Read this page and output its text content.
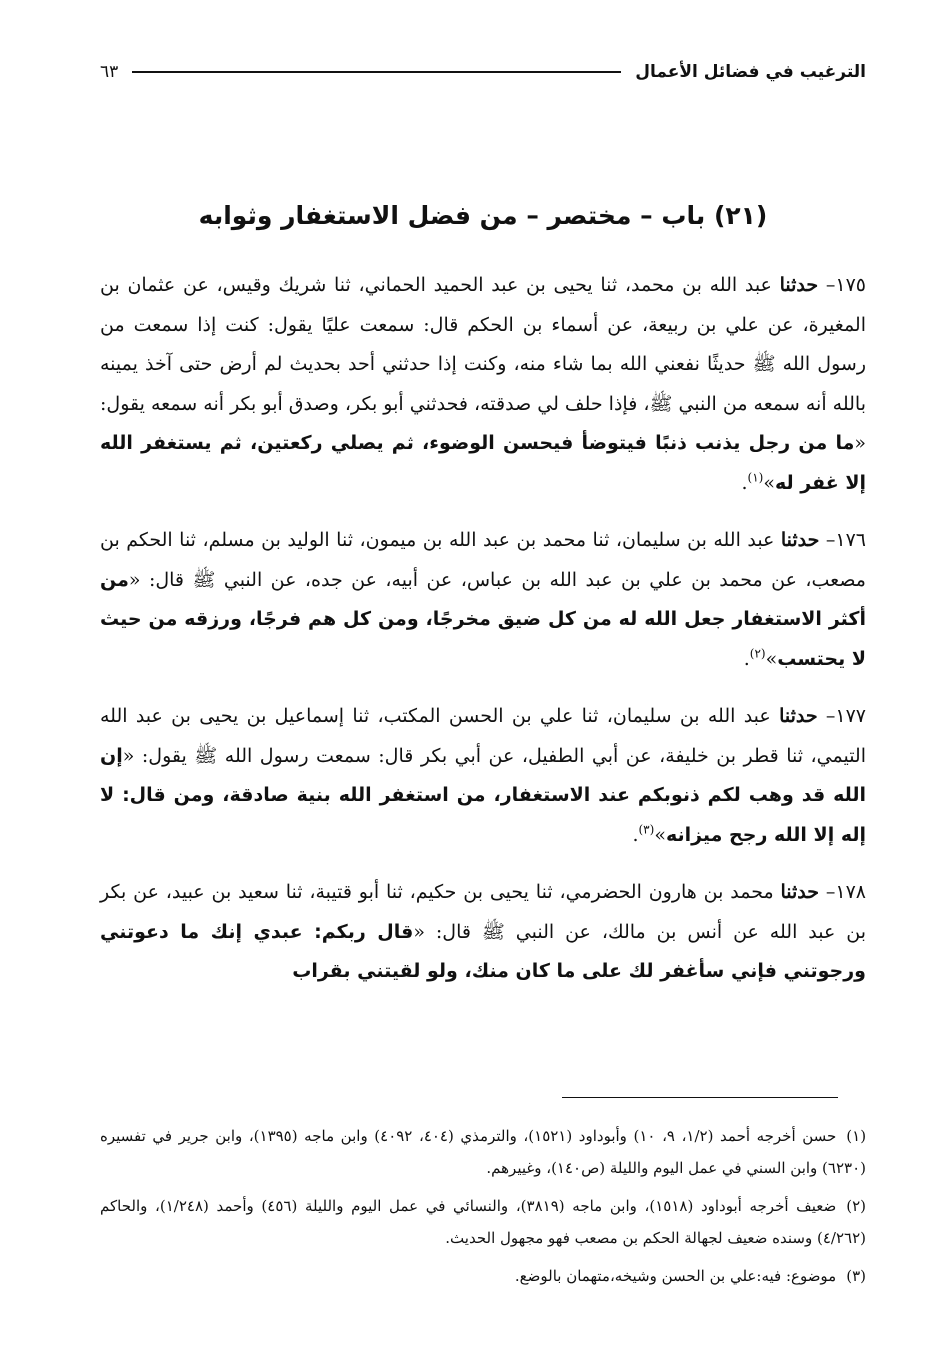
الترغيب في فضائل الأعمال
٦٣
(٢١) باب – مختصر – من فضل الاستغفار وثوابه

١٧٥– حدثنا عبد الله بن محمد، ثنا يحيى بن عبد الحميد الحماني، ثنا شريك وقيس، عن عثمان بن المغيرة، عن علي بن ربيعة، عن أسماء بن الحكم قال: سمعت عليًا يقول: كنت إذا سمعت من رسول الله ﷺ حديثًا نفعني الله بما شاء منه، وكنت إذا حدثني أحد بحديث لم أرض حتى آخذ يمينه بالله أنه سمعه من النبي ﷺ، فإذا حلف لي صدقته، فحدثني أبو بكر، وصدق أبو بكر أنه سمعه يقول: «ما من رجل يذنب ذنبًا فيتوضأ فيحسن الوضوء، ثم يصلي ركعتين، ثم يستغفر الله إلا غفر له»$^{(١)}$.

١٧٦– حدثنا عبد الله بن سليمان، ثنا محمد بن عبد الله بن ميمون، ثنا الوليد بن مسلم، ثنا الحكم بن مصعب، عن محمد بن علي بن عبد الله بن عباس، عن أبيه، عن جده، عن النبي ﷺ قال: «من أكثر الاستغفار جعل الله له من كل ضيق مخرجًا، ومن كل هم فرجًا، ورزقه من حيث لا يحتسب»$^{(٢)}$.

١٧٧– حدثنا عبد الله بن سليمان، ثنا علي بن الحسن المكتب، ثنا إسماعيل بن يحيى بن عبد الله التيمي، ثنا قطر بن خليفة، عن أبي الطفيل، عن أبي بكر قال: سمعت رسول الله ﷺ يقول: «إن الله قد وهب لكم ذنوبكم عند الاستغفار، من استغفر الله بنية صادقة، ومن قال: لا إله إلا الله رجح ميزانه»$^{(٣)}$.

١٧٨– حدثنا محمد بن هارون الحضرمي، ثنا يحيى بن حكيم، ثنا أبو قتيبة، ثنا سعيد بن عبيد، عن بكر بن عبد الله عن أنس بن مالك، عن النبي ﷺ قال: «قال ربكم: عبدي إنك ما دعوتني ورجوتني فإني سأغفر لك على ما كان منك، ولو لقيتني بقراب

(١)حسن أخرجه أحمد (١/٢، ٩، ١٠) وأبوداود (١٥٢١)، والترمذي (٤٠٤، ٤٠٩٢) وابن ماجه (١٣٩٥)، وابن جرير في تفسيره (٦٢٣٠) وابن السني في عمل اليوم والليلة (ص١٤٠)، وغييرهم.

(٢)ضعيف أخرجه أبوداود (١٥١٨)، وابن ماجه (٣٨١٩)، والنسائي في عمل اليوم والليلة (٤٥٦) وأحمد (١/٢٤٨)، والحاكم (٤/٢٦٢) وسنده ضعيف لجهالة الحكم بن مصعب فهو مجهول الحديث.

(٣)موضوع: فيه:علي بن الحسن وشيخه،متهمان بالوضع.
